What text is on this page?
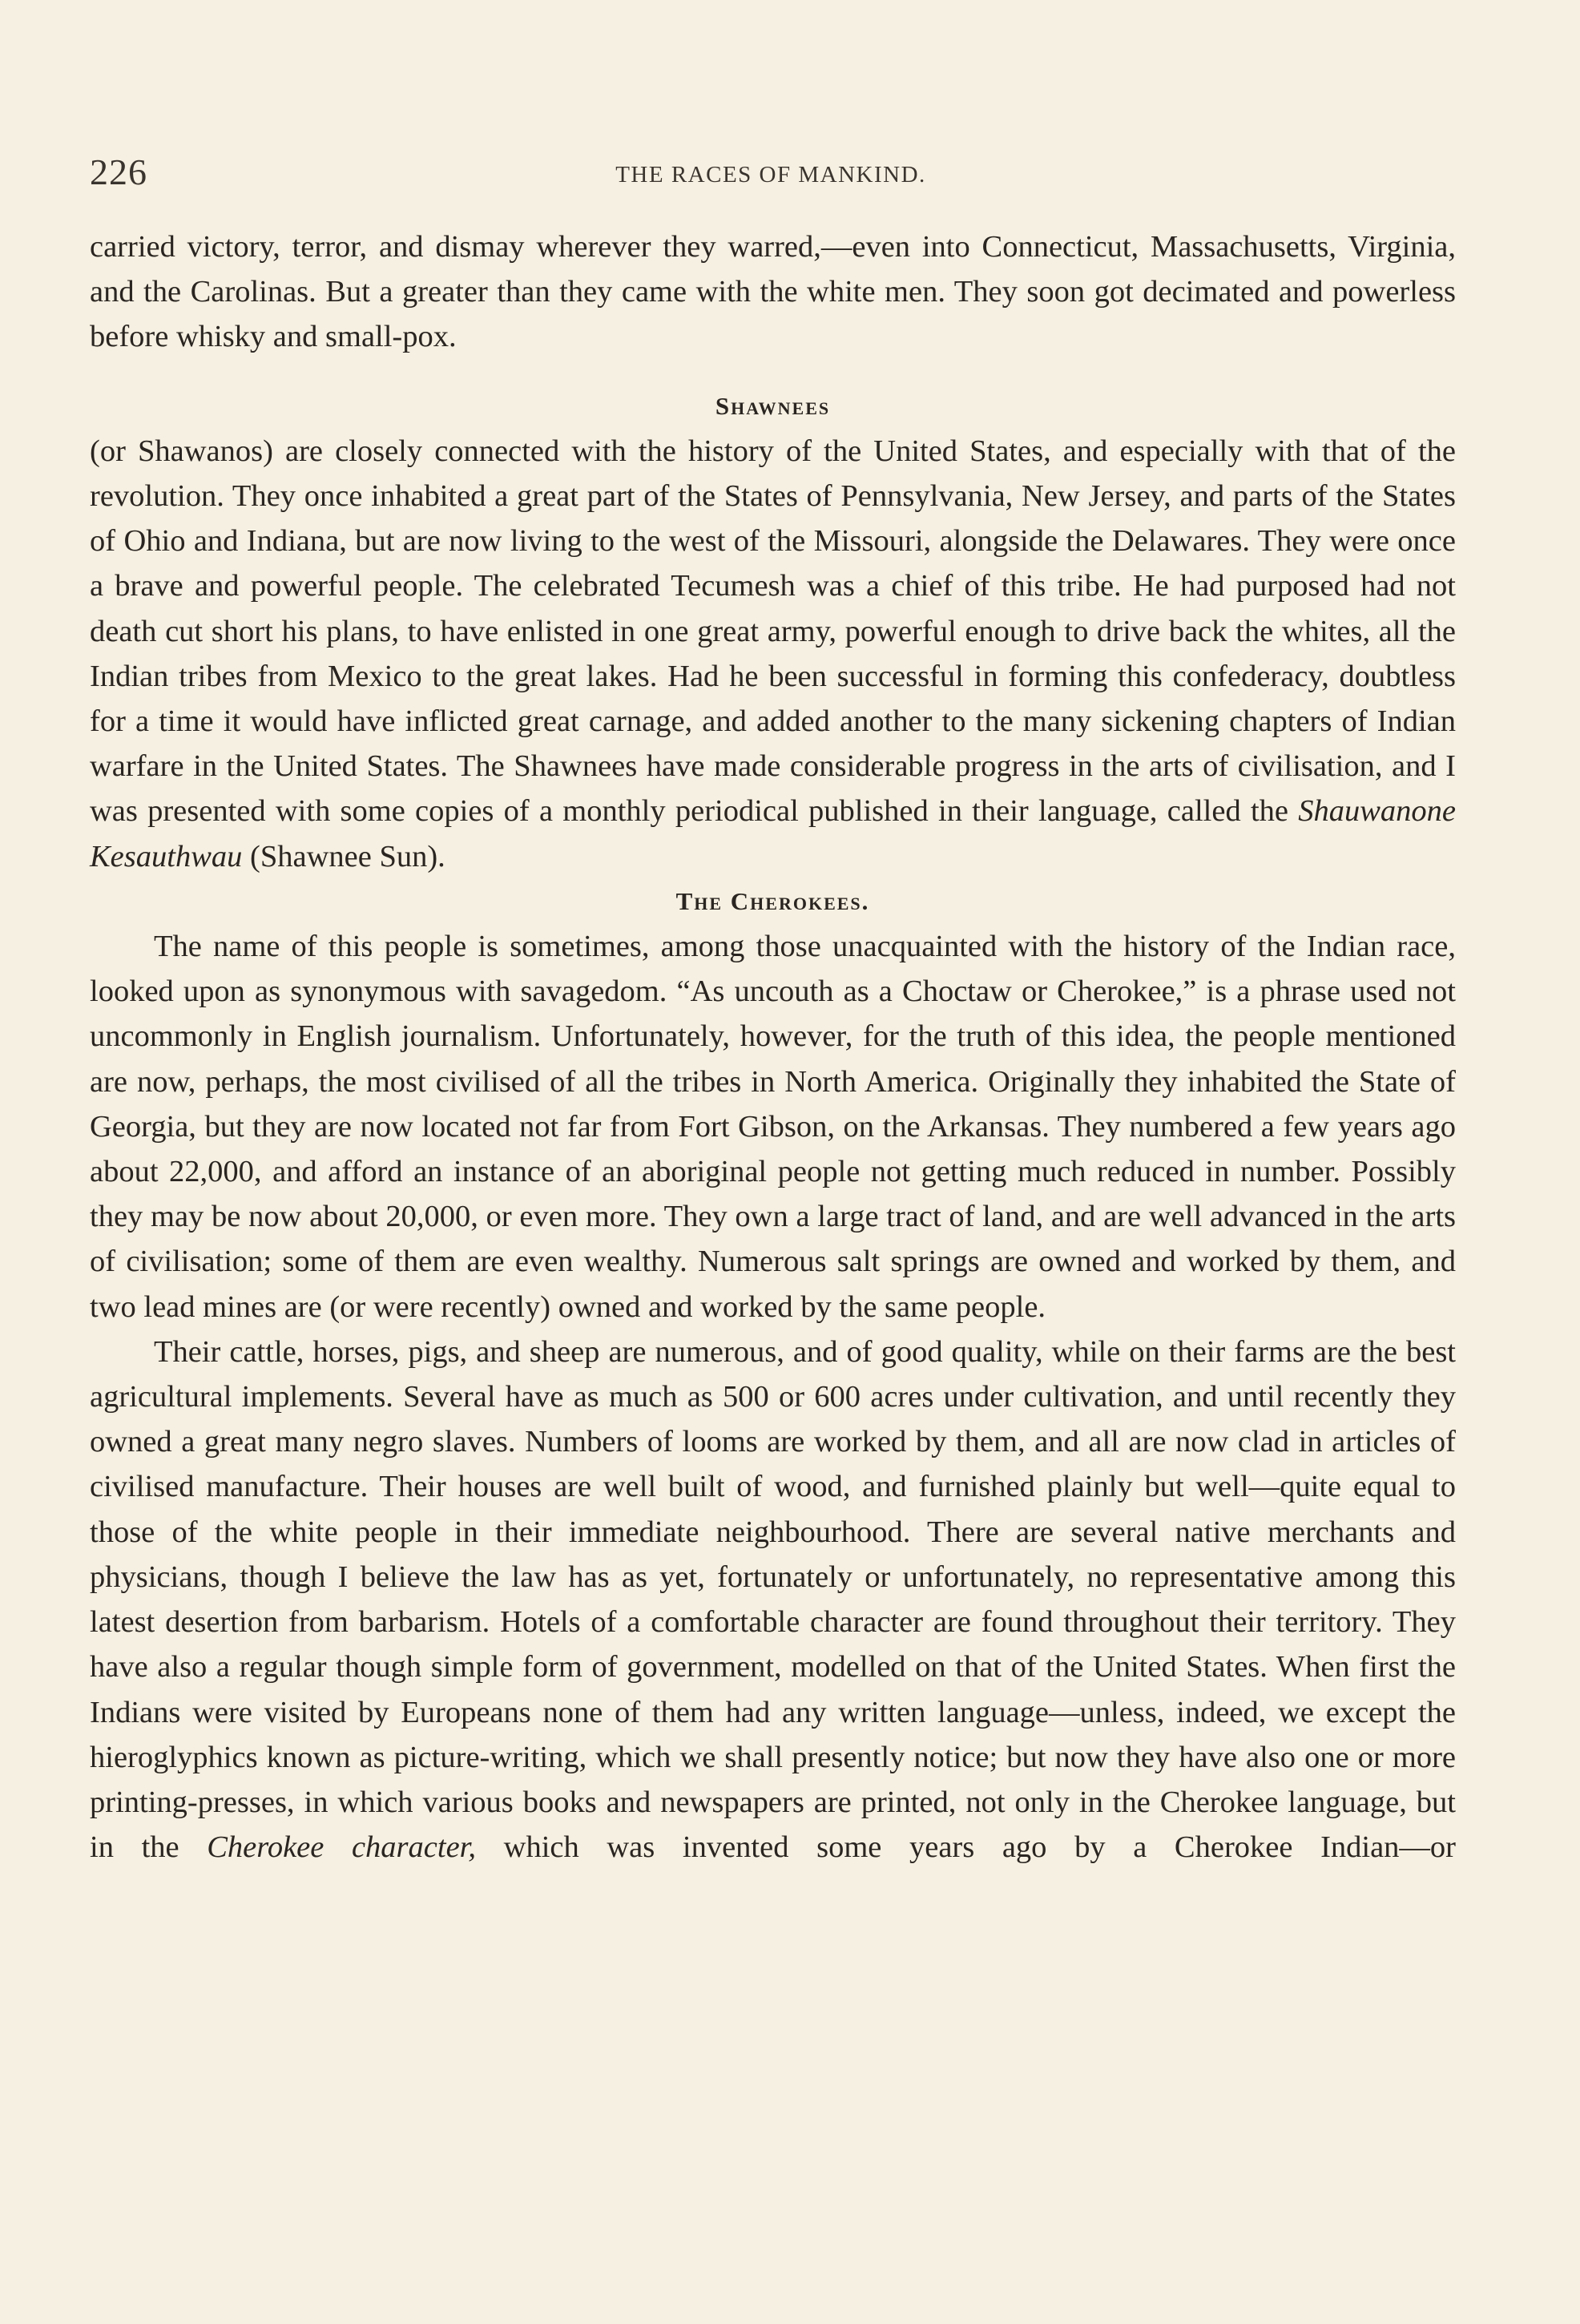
226	THE RACES OF MANKIND.

carried victory, terror, and dismay wherever they warred,—even into Connecticut, Massachusetts, Virginia, and the Carolinas. But a greater than they came with the white men. They soon got decimated and powerless before whisky and small-pox.

Shawnees

(or Shawanos) are closely connected with the history of the United States, and especially with that of the revolution. They once inhabited a great part of the States of Pennsylvania, New Jersey, and parts of the States of Ohio and Indiana, but are now living to the west of the Missouri, alongside the Delawares. They were once a brave and powerful people. The celebrated Tecumesh was a chief of this tribe. He had purposed had not death cut short his plans, to have enlisted in one great army, powerful enough to drive back the whites, all the Indian tribes from Mexico to the great lakes. Had he been successful in forming this confederacy, doubtless for a time it would have inflicted great carnage, and added another to the many sickening chapters of Indian warfare in the United States. The Shawnees have made considerable progress in the arts of civilisation, and I was presented with some copies of a monthly periodical published in their language, called the Shauwanone Kesauthwau (Shawnee Sun).

The Cherokees.

The name of this people is sometimes, among those unacquainted with the history of the Indian race, looked upon as synonymous with savagedom. “As uncouth as a Choctaw or Cherokee,” is a phrase used not uncommonly in English journalism. Unfortunately, however, for the truth of this idea, the people mentioned are now, perhaps, the most civilised of all the tribes in North America. Originally they inhabited the State of Georgia, but they are now located not far from Fort Gibson, on the Arkansas. They numbered a few years ago about 22,000, and afford an instance of an aboriginal people not getting much reduced in number. Possibly they may be now about 20,000, or even more. They own a large tract of land, and are well advanced in the arts of civilisation; some of them are even wealthy. Numerous salt springs are owned and worked by them, and two lead mines are (or were recently) owned and worked by the same people.

Their cattle, horses, pigs, and sheep are numerous, and of good quality, while on their farms are the best agricultural implements. Several have as much as 500 or 600 acres under cultivation, and until recently they owned a great many negro slaves. Numbers of looms are worked by them, and all are now clad in articles of civilised manufacture. Their houses are well built of wood, and furnished plainly but well—quite equal to those of the white people in their immediate neighbourhood. There are several native merchants and physicians, though I believe the law has as yet, fortunately or unfortunately, no representative among this latest desertion from barbarism. Hotels of a comfortable character are found throughout their territory. They have also a regular though simple form of government, modelled on that of the United States. When first the Indians were visited by Europeans none of them had any written language—unless, indeed, we except the hieroglyphics known as picture-writing, which we shall presently notice; but now they have also one or more printing-presses, in which various books and newspapers are printed, not only in the Cherokee language, but in the Cherokee character, which was invented some years ago by a Cherokee Indian—or
